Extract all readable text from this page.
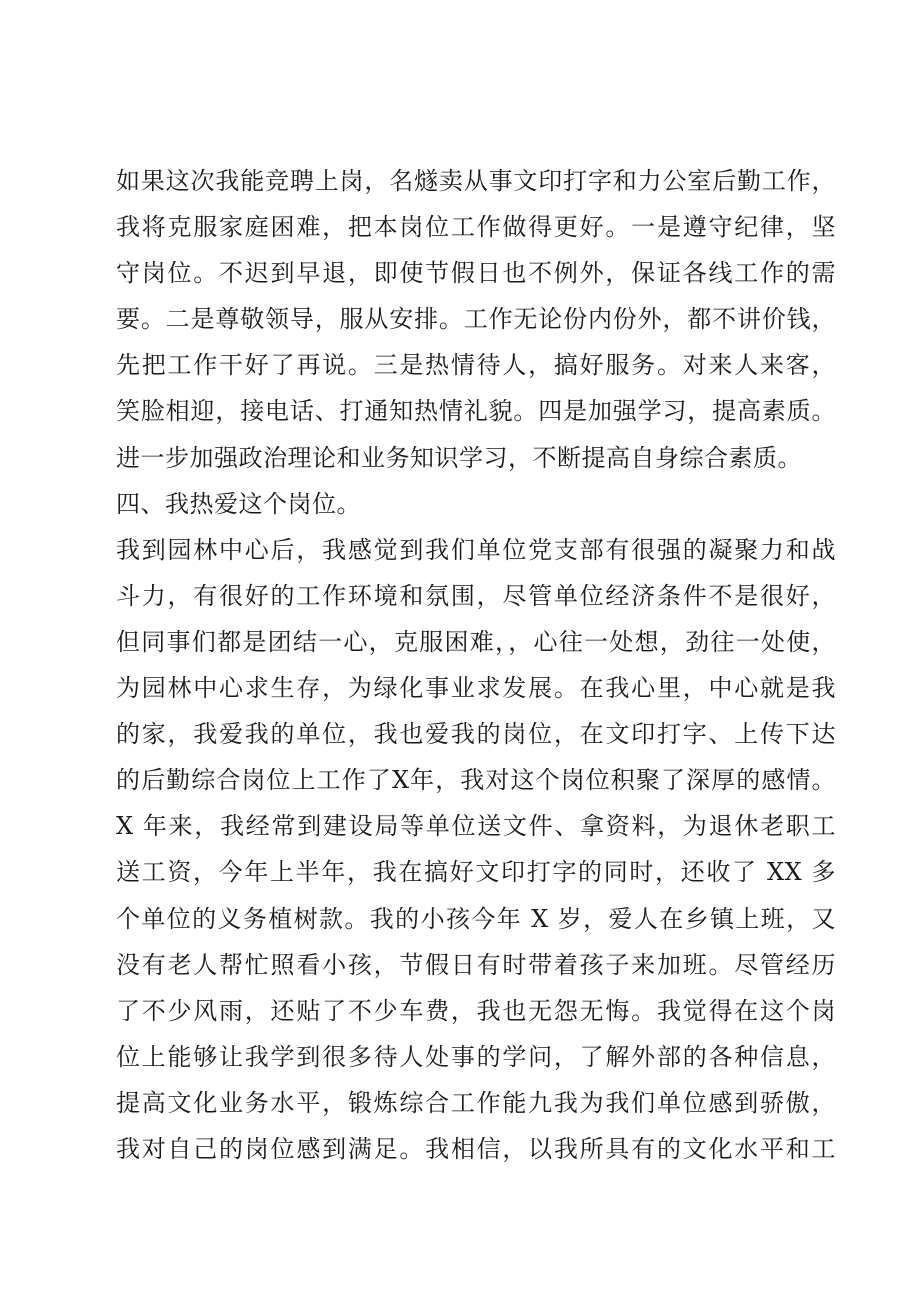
如果这次我能竞聘上岗，名燧卖从事文印打字和力公室后勤工作，
我将克服家庭困难，把本岗位工作做得更好。一是遵守纪律，坚
守岗位。不迟到早退，即使节假日也不例外，保证各线工作的需
要。二是尊敬领导，服从安排。工作无论份内份外，都不讲价钱，
先把工作干好了再说。三是热情待人，搞好服务。对来人来客，
笑脸相迎，接电话、打通知热情礼貌。四是加强学习，提高素质。
进一步加强政治理论和业务知识学习，不断提高自身综合素质。
四、我热爱这个岗位。
我到园林中心后，我感觉到我们单位党支部有很强的凝聚力和战
斗力，有很好的工作环境和氛围，尽管单位经济条件不是很好，
但同事们都是团结一心，克服困难，，心往一处想，劲往一处使，
为园林中心求生存，为绿化事业求发展。在我心里，中心就是我
的家，我爱我的单位，我也爱我的岗位，在文印打字、上传下达
的后勤综合岗位上工作了X年，我对这个岗位积聚了深厚的感情。
X 年来，我经常到建设局等单位送文件、拿资料，为退休老职工
送工资，今年上半年，我在搞好文印打字的同时，还收了 XX 多
个单位的义务植树款。我的小孩今年 X 岁，爱人在乡镇上班，又
没有老人帮忙照看小孩，节假日有时带着孩子来加班。尽管经历
了不少风雨，还贴了不少车费，我也无怨无悔。我觉得在这个岗
位上能够让我学到很多待人处事的学问，了解外部的各种信息，
提高文化业务水平，锻炼综合工作能九我为我们单位感到骄傲，
我对自己的岗位感到满足。我相信，以我所具有的文化水平和工
